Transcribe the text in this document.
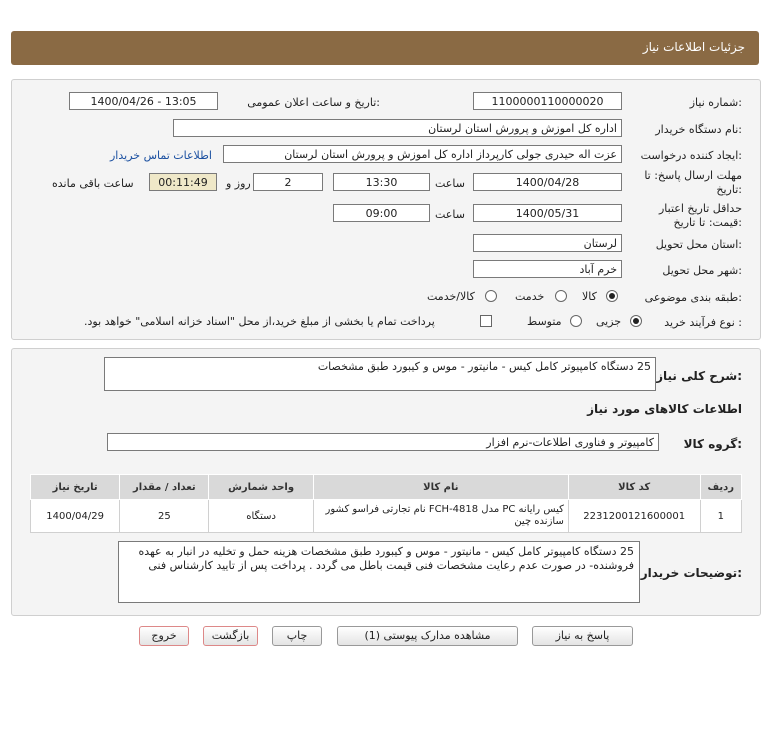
جزئیات اطلاعات نیاز
شماره نیاز:
1100000110000020
تاریخ و ساعت اعلان عمومی:
1400/04/26 - 13:05
نام دستگاه خریدار:
اداره کل اموزش و پرورش استان لرستان
ایجاد کننده درخواست:
عزت اله حیدری جولی کارپرداز اداره کل اموزش و پرورش استان لرستان
اطلاعات تماس خریدار
مهلت ارسال پاسخ: تا
تاریخ:
1400/04/28
ساعت
13:30
2
روز و
00:11:49
ساعت باقی مانده
حداقل تاریخ اعتبار
قیمت: تا تاریخ:
1400/05/31
ساعت
09:00
استان محل تحویل:
لرستان
شهر محل تحویل:
خرم آباد
طبقه بندی موضوعی:
کالا
خدمت
کالا/خدمت
نوع فرآیند خرید :
جزیی
متوسط
پرداخت تمام یا بخشی از مبلغ خرید،از محل "اسناد خزانه اسلامی" خواهد بود.
شرح کلی نیاز:
25 دستگاه کامپیوتر کامل کیس - مانیتور - موس و کیبورد طبق مشخصات
اطلاعات کالاهای مورد نیاز
گروه کالا:
کامپیوتر و فناوری اطلاعات-نرم افزار
ردیف	کد کالا	نام کالا	واحد شمارش	تعداد / مقدار	تاریخ نیاز
1	2231200121600001	کیس رایانه PC مدل FCH-4818 نام تجارتی فراسو کشور سازنده چین	دستگاه	25	1400/04/29
توضیحات خریدار:
25 دستگاه کامپیوتر کامل کیس - مانیتور - موس و کیبورد طبق مشخصات هزینه حمل و تخلیه در انبار به عهده فروشنده- در صورت عدم رعایت مشخصات فنی قیمت باطل می گردد . پرداخت پس از تایید کارشناس فنی
پاسخ به نیاز
مشاهده مدارک پیوستی (1)
چاپ
بازگشت
خروج
